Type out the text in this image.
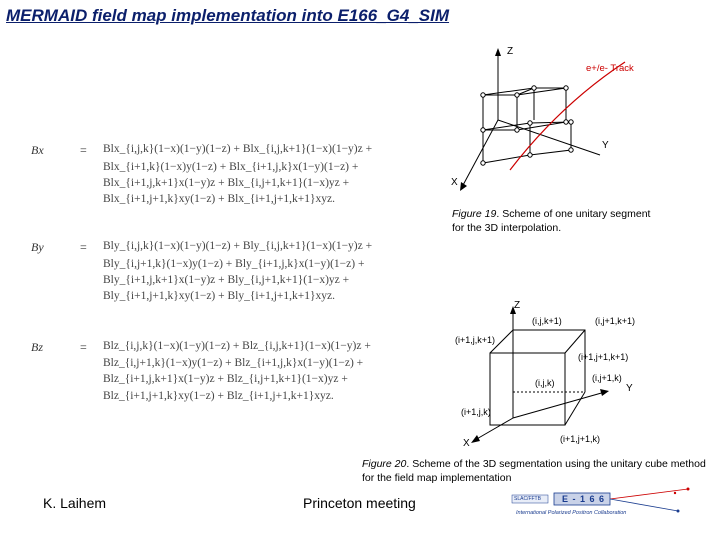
MERMAID field map implementation into E166_G4_SIM
Bx	= Blx_{i,j,k}(1−x)(1−y)(1−z) + Blx_{i,j,k+1}(1−x)(1−y)z +
Blx_{i+1,k}(1−x)y(1−z) + Blx_{i+1,j,k}x(1−y)(1−z) +
Blx_{i+1,j,k+1}x(1−y)z + Blx_{i,j+1,k+1}(1−x)yz +
Blx_{i+1,j+1,k}xy(1−z) + Blx_{i+1,j+1,k+1}xyz.
By	= Bly_{i,j,k}(1−x)(1−y)(1−z) + Bly_{i,j,k+1}(1−x)(1−y)z +
Bly_{i,j+1,k}(1−x)y(1−z) + Bly_{i+1,j,k}x(1−y)(1−z) +
Bly_{i+1,j,k+1}x(1−y)z + Bly_{i,j+1,k+1}(1−x)yz +
Bly_{i+1,j+1,k}xy(1−z) + Bly_{i+1,j+1,k+1}xyz.
Bz	= Blz_{i,j,k}(1−x)(1−y)(1−z) + Blz_{i,j,k+1}(1−x)(1−y)z +
Blz_{i,j+1,k}(1−x)y(1−z) + Blz_{i+1,j,k}x(1−y)(1−z) +
Blz_{i+1,j,k+1}x(1−y)z + Blz_{i,j+1,k+1}(1−x)yz +
Blz_{i+1,j+1,k}xy(1−z) + Blz_{i+1,j+1,k+1}xyz.
Z
e+/e- Track
Y
X
Figure 19. Scheme of one unitary segment for the 3D interpolation.
Z
(i,j,k+1)	(i,j+1,k+1)
(i+1,j,k+1)
(i+1,j+1,k+1)
(i,j,k)	(i,j+1,k)
Y
(i+1,j,k)
X	(i+1,j+1,k)
Figure 20. Scheme of the 3D segmentation using the unitary cube method for the field map implementation
K. Laihem	Princeton meeting	E - 1 6 6
SLAC/FFTB
International Polarized Positron Collaboration
